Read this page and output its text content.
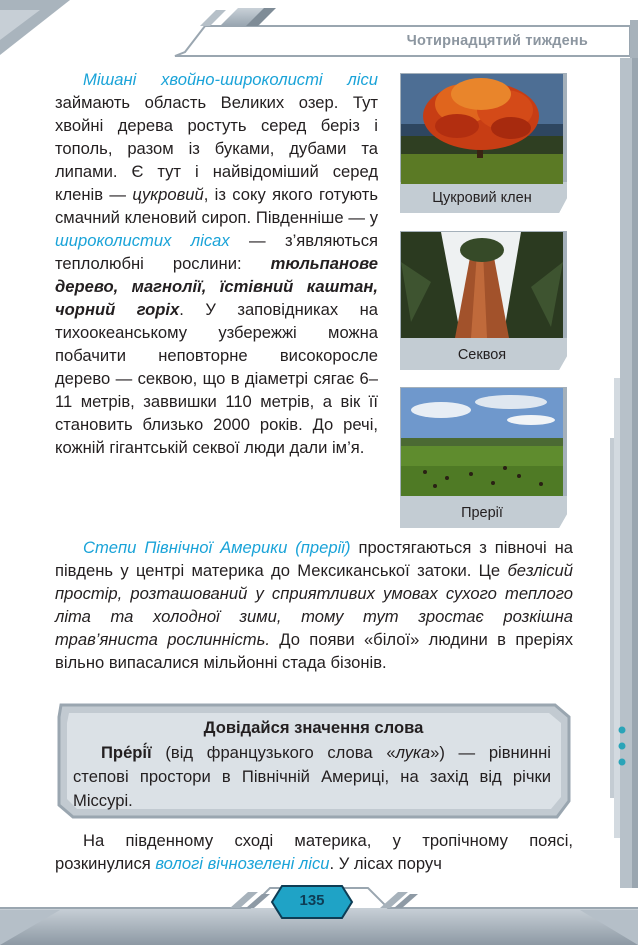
Чотирнадцятий тиждень

Мішані хвойно-широколисті ліси займають область Великих озер. Тут хвойні дерева ростуть серед беріз і тополь, разом із буками, дубами та липами. Є тут і найвідоміший серед кленів — цукровий, із соку якого готують смачний кленовий сироп. Південніше — у широколистих лісах — з’являються теплолюбні рослини: тюльпанове дерево, магнолії, їстівний каштан, чорний горіх. У заповідниках на тихоокеанському узбережжі можна побачити неповторне високоросле дерево — секвою, що в діаметрі сягає 6–11 метрів, заввишки 110 метрів, а вік її становить близько 2000 років. До речі, кожній гігантській секвої люди дали ім’я.

Цукровий клен
Секвоя
Прерії

Степи Північної Америки (прерії) простягаються з півночі на південь у центрі материка до Мексиканської затоки. Це безлісий простір, розташований у сприятливих умовах сухого теплого літа та холодної зими, тому тут зростає розкішна трав’яниста рослинність. До появи «білої» людини в преріях вільно випасалися мільйонні стада бізонів.

Довідайся значення слова
Пре́рі́ї (від французького слова «лука») — рівнинні степові простори в Північній Америці, на захід від річки Міссурі.

На південному сході материка, у тропічному поясі, розкинулися вологі вічнозелені ліси. У лісах поруч

135
